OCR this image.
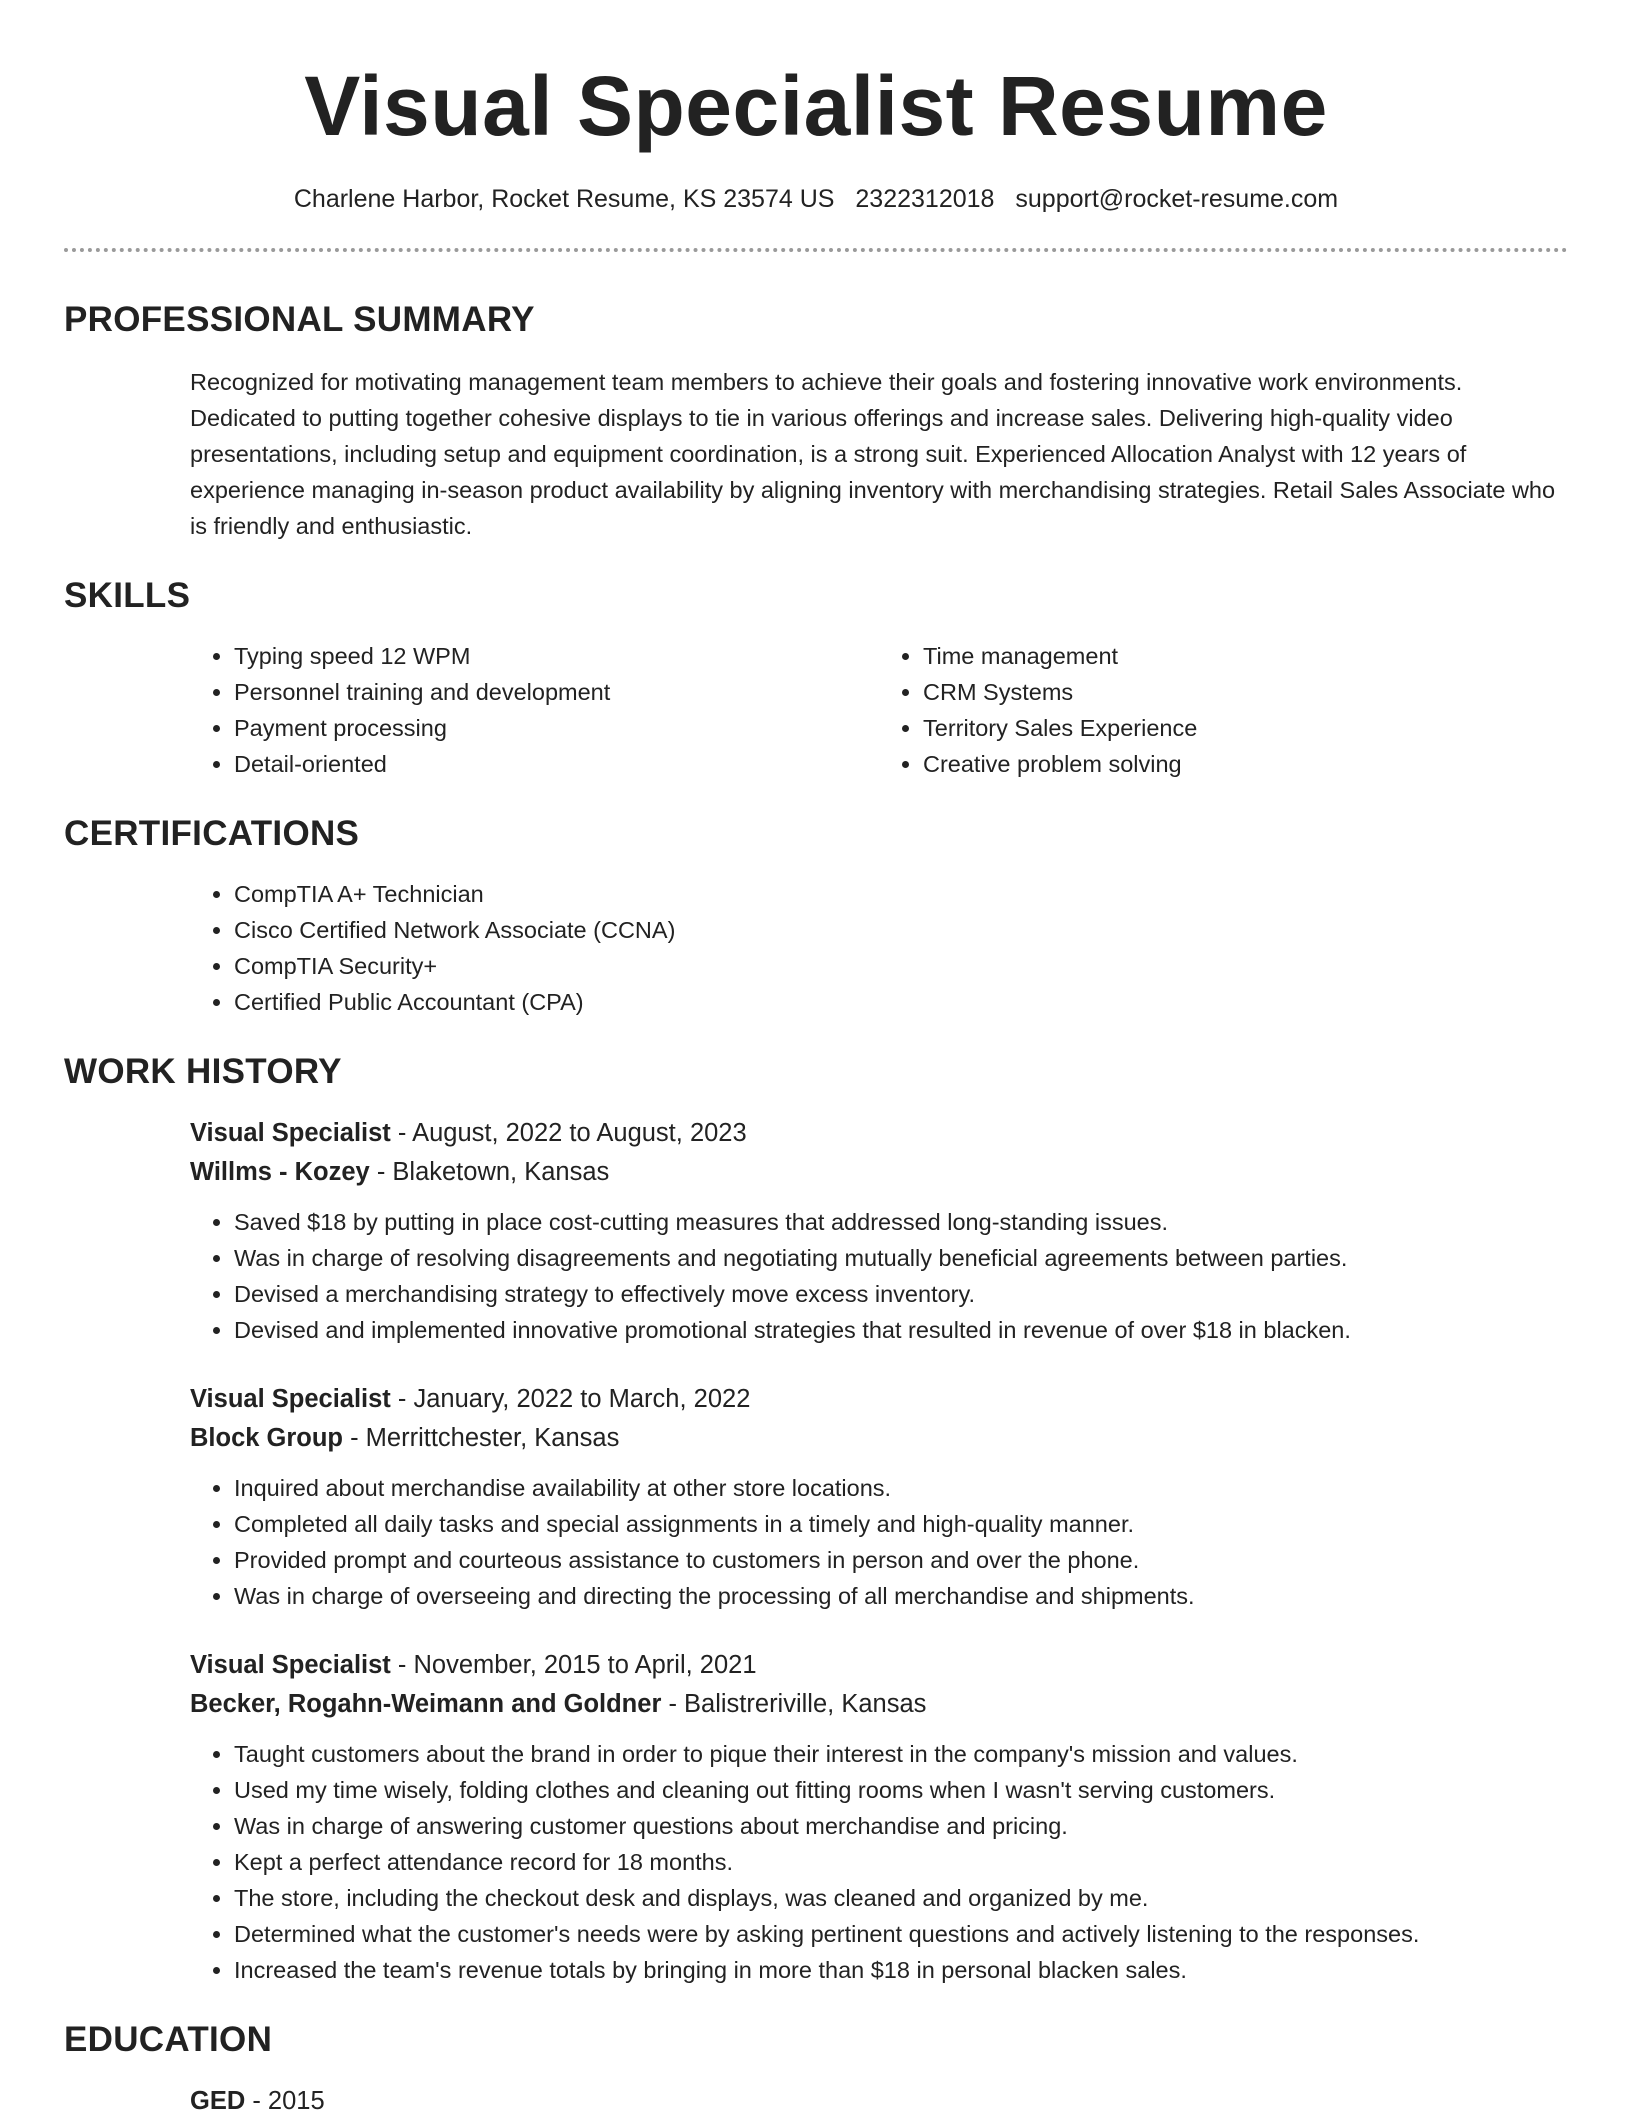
Visual Specialist Resume
Charlene Harbor, Rocket Resume, KS 23574 US 2322312018 support@rocket-resume.com
PROFESSIONAL SUMMARY
Recognized for motivating management team members to achieve their goals and fostering innovative work environments. Dedicated to putting together cohesive displays to tie in various offerings and increase sales. Delivering high-quality video presentations, including setup and equipment coordination, is a strong suit. Experienced Allocation Analyst with 12 years of experience managing in-season product availability by aligning inventory with merchandising strategies. Retail Sales Associate who is friendly and enthusiastic.
SKILLS
• Typing speed 12 WPM
• Personnel training and development
• Payment processing
• Detail-oriented
• Time management
• CRM Systems
• Territory Sales Experience
• Creative problem solving
CERTIFICATIONS
• CompTIA A+ Technician
• Cisco Certified Network Associate (CCNA)
• CompTIA Security+
• Certified Public Accountant (CPA)
WORK HISTORY
Visual Specialist - August, 2022 to August, 2023
Willms - Kozey - Blaketown, Kansas
• Saved $18 by putting in place cost-cutting measures that addressed long-standing issues.
• Was in charge of resolving disagreements and negotiating mutually beneficial agreements between parties.
• Devised a merchandising strategy to effectively move excess inventory.
• Devised and implemented innovative promotional strategies that resulted in revenue of over $18 in blacken.
Visual Specialist - January, 2022 to March, 2022
Block Group - Merrittchester, Kansas
• Inquired about merchandise availability at other store locations.
• Completed all daily tasks and special assignments in a timely and high-quality manner.
• Provided prompt and courteous assistance to customers in person and over the phone.
• Was in charge of overseeing and directing the processing of all merchandise and shipments.
Visual Specialist - November, 2015 to April, 2021
Becker, Rogahn-Weimann and Goldner - Balistreriville, Kansas
• Taught customers about the brand in order to pique their interest in the company's mission and values.
• Used my time wisely, folding clothes and cleaning out fitting rooms when I wasn't serving customers.
• Was in charge of answering customer questions about merchandise and pricing.
• Kept a perfect attendance record for 18 months.
• The store, including the checkout desk and displays, was cleaned and organized by me.
• Determined what the customer's needs were by asking pertinent questions and actively listening to the responses.
• Increased the team's revenue totals by bringing in more than $18 in personal blacken sales.
EDUCATION
GED - 2015
